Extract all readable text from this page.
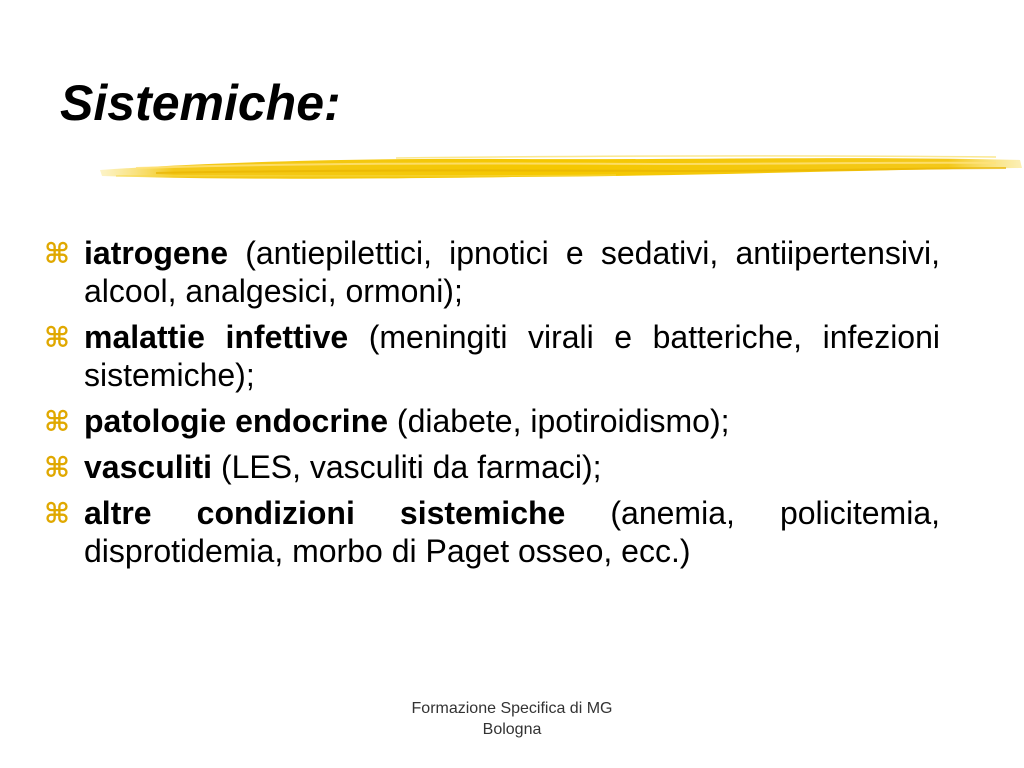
Sistemiche:
⌘ iatrogene (antiepilettici, ipnotici e sedativi, antiipertensivi, alcool, analgesici, ormoni);
⌘ malattie infettive (meningiti virali e batteriche, infezioni sistemiche);
⌘ patologie endocrine (diabete, ipotiroidismo);
⌘ vasculiti (LES, vasculiti da farmaci);
⌘ altre condizioni sistemiche (anemia, policitemia, disprotidemia, morbo di Paget osseo, ecc.)
Formazione Specifica di MG
Bologna
